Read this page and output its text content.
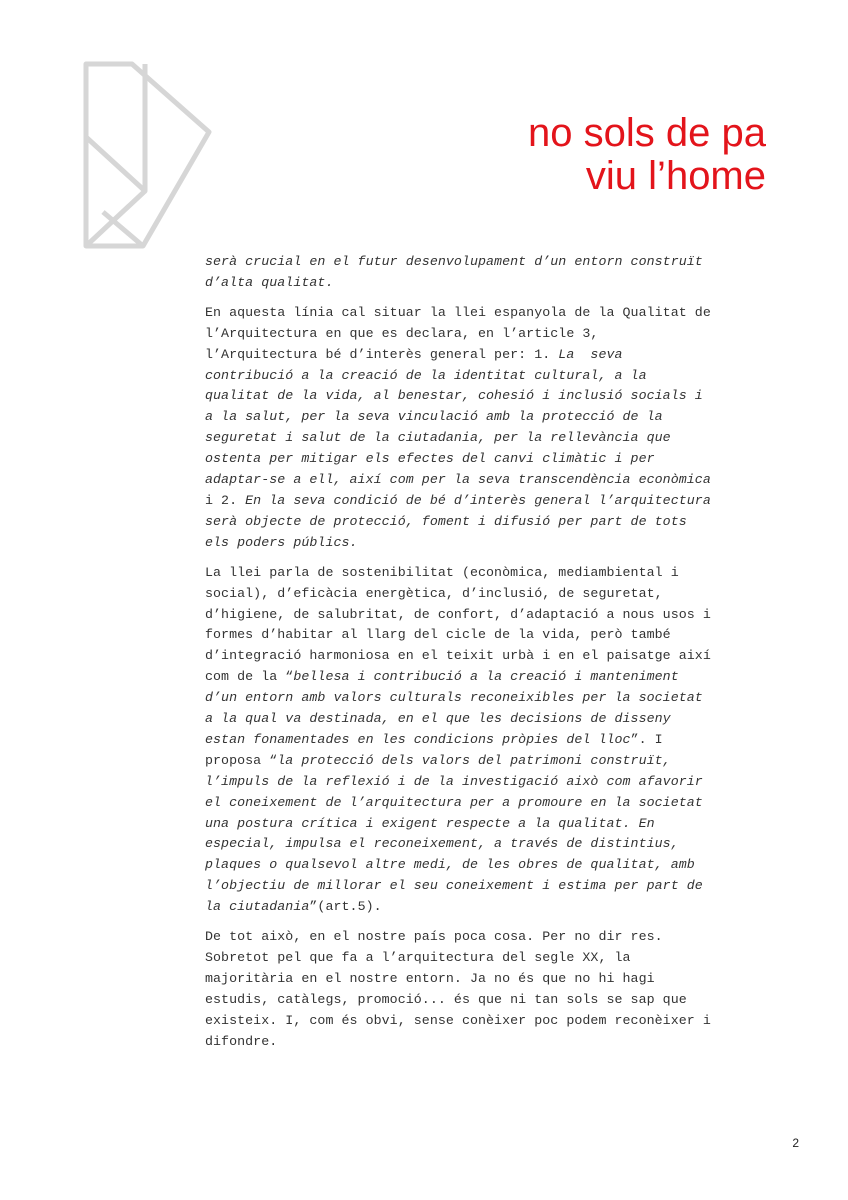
no sols de pa
viu l’home

serà crucial en el futur desenvolupament d’un entorn construït
d’alta qualitat.

En aquesta línia cal situar la llei espanyola de la Qualitat de
l’Arquitectura en que es declara, en l’article 3,
l’Arquitectura bé d’interès general per: 1. La  seva
contribució a la creació de la identitat cultural, a la
qualitat de la vida, al benestar, cohesió i inclusió socials i
a la salut, per la seva vinculació amb la protecció de la
seguretat i salut de la ciutadania, per la rellevància que
ostenta per mitigar els efectes del canvi climàtic i per
adaptar-se a ell, així com per la seva transcendència econòmica
i 2. En la seva condició de bé d’interès general l’arquitectura
serà objecte de protecció, foment i difusió per part de tots
els poders públics.

La llei parla de sostenibilitat (econòmica, mediambiental i
social), d’eficàcia energètica, d’inclusió, de seguretat,
d’higiene, de salubritat, de confort, d’adaptació a nous usos i
formes d’habitar al llarg del cicle de la vida, però també
d’integració harmoniosa en el teixit urbà i en el paisatge així
com de la “bellesa i contribució a la creació i manteniment
d’un entorn amb valors culturals reconeixibles per la societat
a la qual va destinada, en el que les decisions de disseny
estan fonamentades en les condicions pròpies del lloc”. I
proposa “la protecció dels valors del patrimoni construït,
l’impuls de la reflexió i de la investigació això com afavorir
el coneixement de l’arquitectura per a promoure en la societat
una postura crítica i exigent respecte a la qualitat. En
especial, impulsa el reconeixement, a través de distintius,
plaques o qualsevol altre medi, de les obres de qualitat, amb
l’objectiu de millorar el seu coneixement i estima per part de
la ciutadania”(art.5).

De tot això, en el nostre país poca cosa. Per no dir res.
Sobretot pel que fa a l’arquitectura del segle XX, la
majoritària en el nostre entorn. Ja no és que no hi hagi
estudis, catàlegs, promoció... és que ni tan sols se sap que
existeix. I, com és obvi, sense conèixer poc podem reconèixer i
difondre.

2
